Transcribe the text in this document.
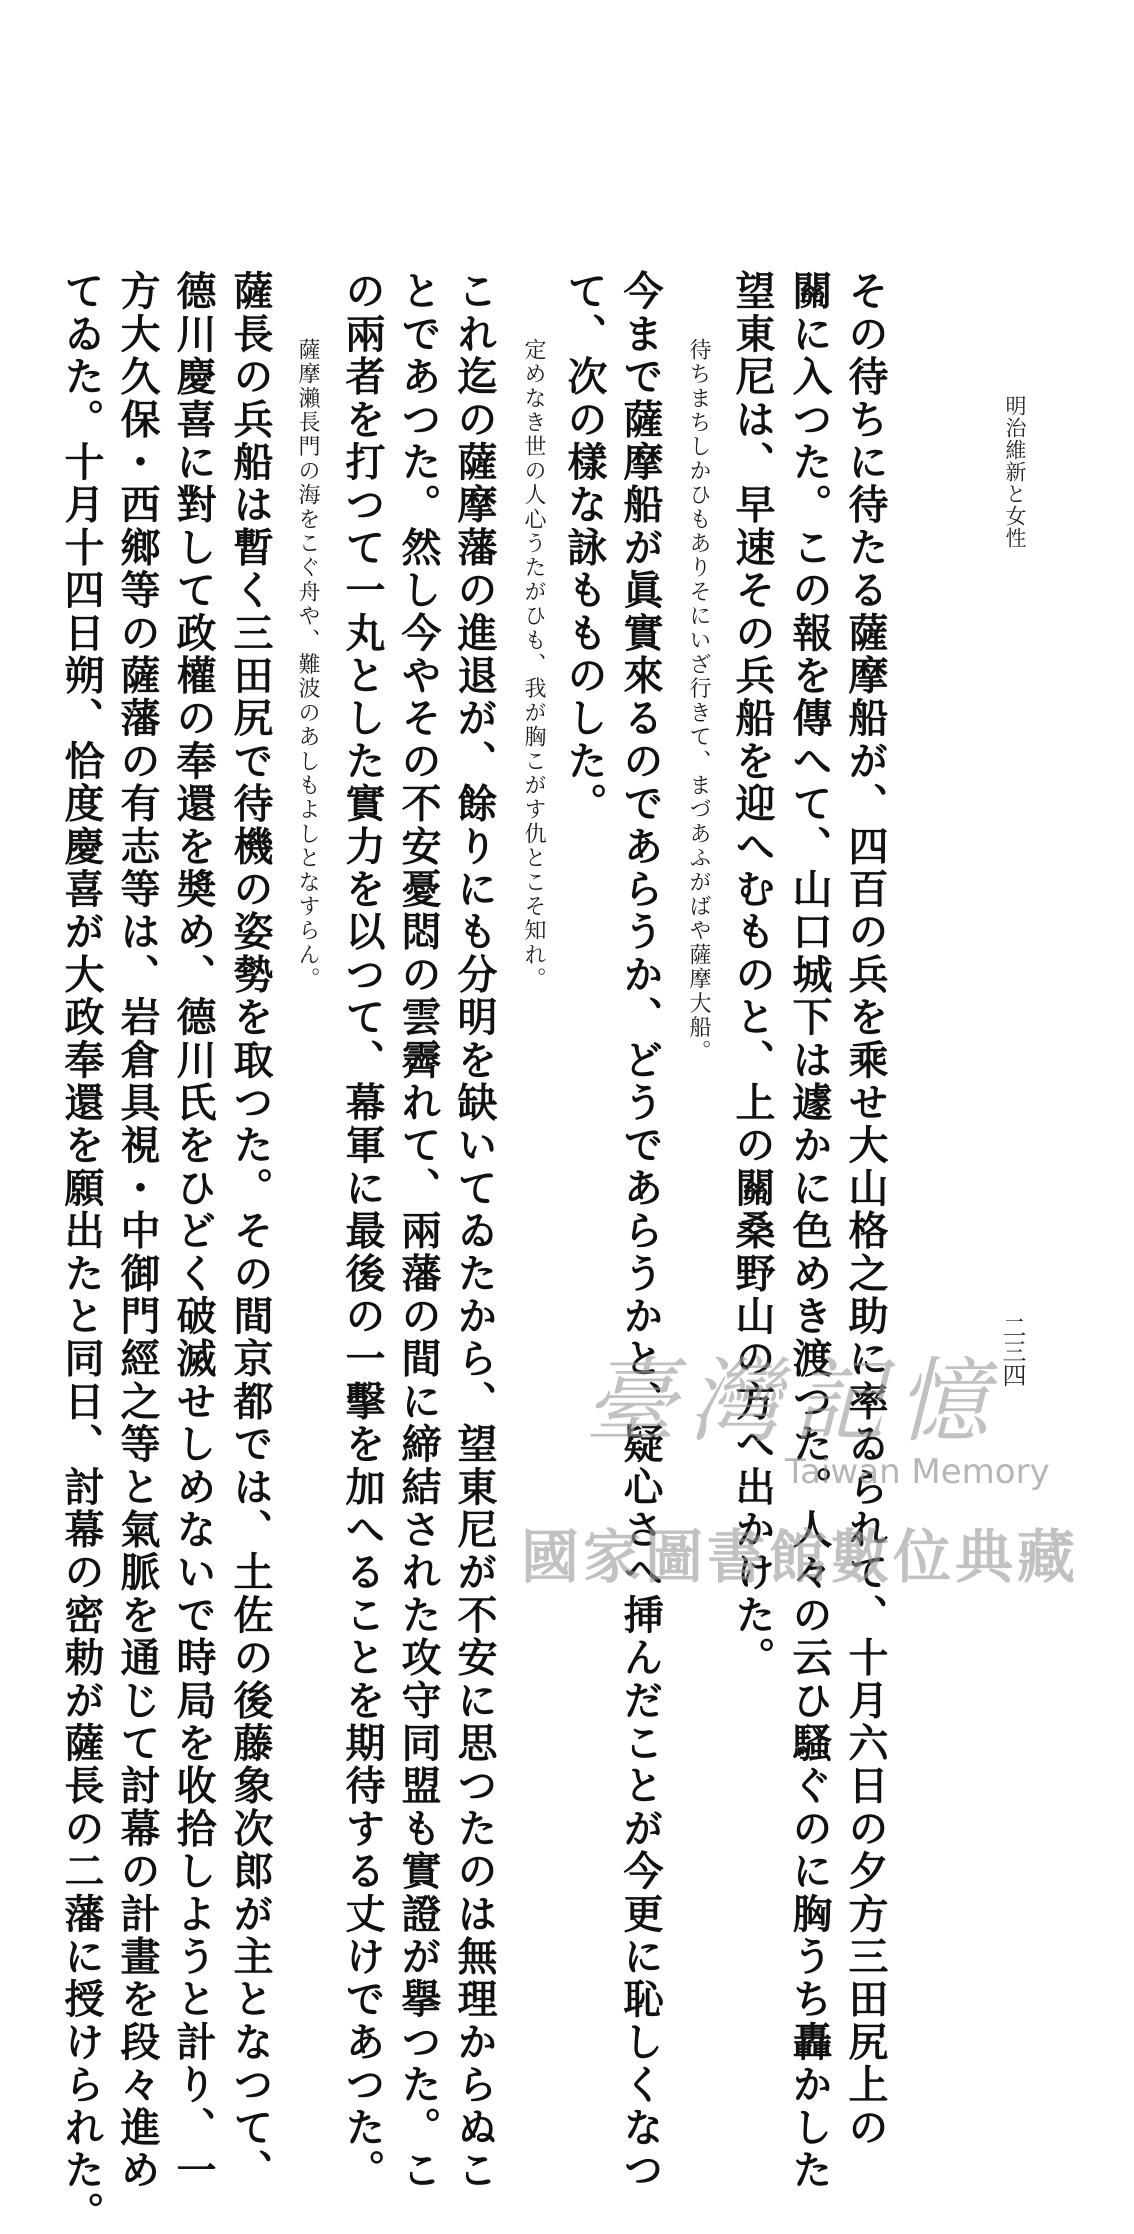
明治維新と女性

二三四

その待ちに待たる薩摩船が、四百の兵を乘せ大山格之助に率ゐられて、十月六日の夕方三田尻上の

關に入つた。この報を傳へて、山口城下は遽かに色めき渡つた。人々の云ひ騷ぐのに胸うち轟かした

望東尼は、早速その兵船を迎へむものと、上の關桑野山の方へ出かけた。

待ちまちしかひもありそにいざ行きて、まづあふがばや薩摩大船。

今まで薩摩船が眞實來るのであらうか、どうであらうかと、疑心さへ挿んだことが今更に恥しくなつ

て、次の樣な詠もものした。

定めなき世の人心うたがひも、我が胸こがす仇とこそ知れ。

これ迄の薩摩藩の進退が、餘りにも分明を缺いてゐたから、望東尼が不安に思つたのは無理からぬこ

とであつた。然し今やその不安憂悶の雲霽れて、兩藩の間に締結された攻守同盟も實證が擧つた。こ

の兩者を打つて一丸とした實力を以つて、幕軍に最後の一擊を加へることを期待する丈けであつた。

薩摩瀨長門の海をこぐ舟や、難波のあしもよしとなすらん。

薩長の兵船は暫く三田尻で待機の姿勢を取つた。その間京都では、土佐の後藤象次郎が主となつて、

德川慶喜に對して政權の奉還を奬め、德川氏をひどく破滅せしめないで時局を收拾しようと計り、一

方大久保・西鄉等の薩藩の有志等は、岩倉具視・中御門經之等と氣脈を通じて討幕の計畫を段々進め

てゐた。十月十四日朔、恰度慶喜が大政奉還を願出たと同日、討幕の密勅が薩長の二藩に授けられた。	臺灣記憶
Taiwan Memory
國家圖書館數位典藏
